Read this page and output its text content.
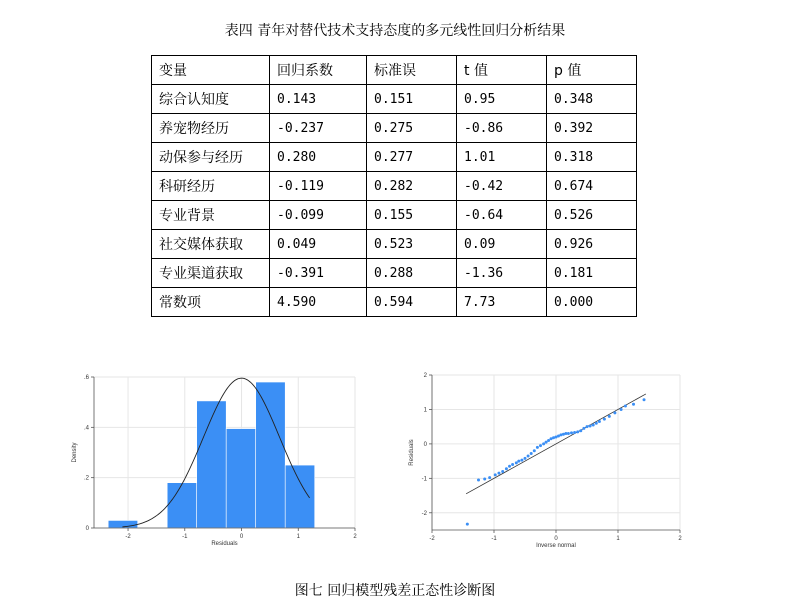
表四 青年对替代技术支持态度的多元线性回归分析结果
变量	回归系数	标准误	t 值	p 值
综合认知度	0.143	0.151	0.95	0.348
养宠物经历	-0.237	0.275	-0.86	0.392
动保参与经历	0.280	0.277	1.01	0.318
科研经历	-0.119	0.282	-0.42	0.674
专业背景	-0.099	0.155	-0.64	0.526
社交媒体获取	0.049	0.523	0.09	0.926
专业渠道获取	-0.391	0.288	-1.36	0.181
常数项	4.590	0.594	7.73	0.000
0
.2
.4
.6
-2	-1	0	1	2
Residuals
Density
-2
-1
0
1
2
-2	-1	0	1	2
Inverse normal
Residuals
图七 回归模型残差正态性诊断图
